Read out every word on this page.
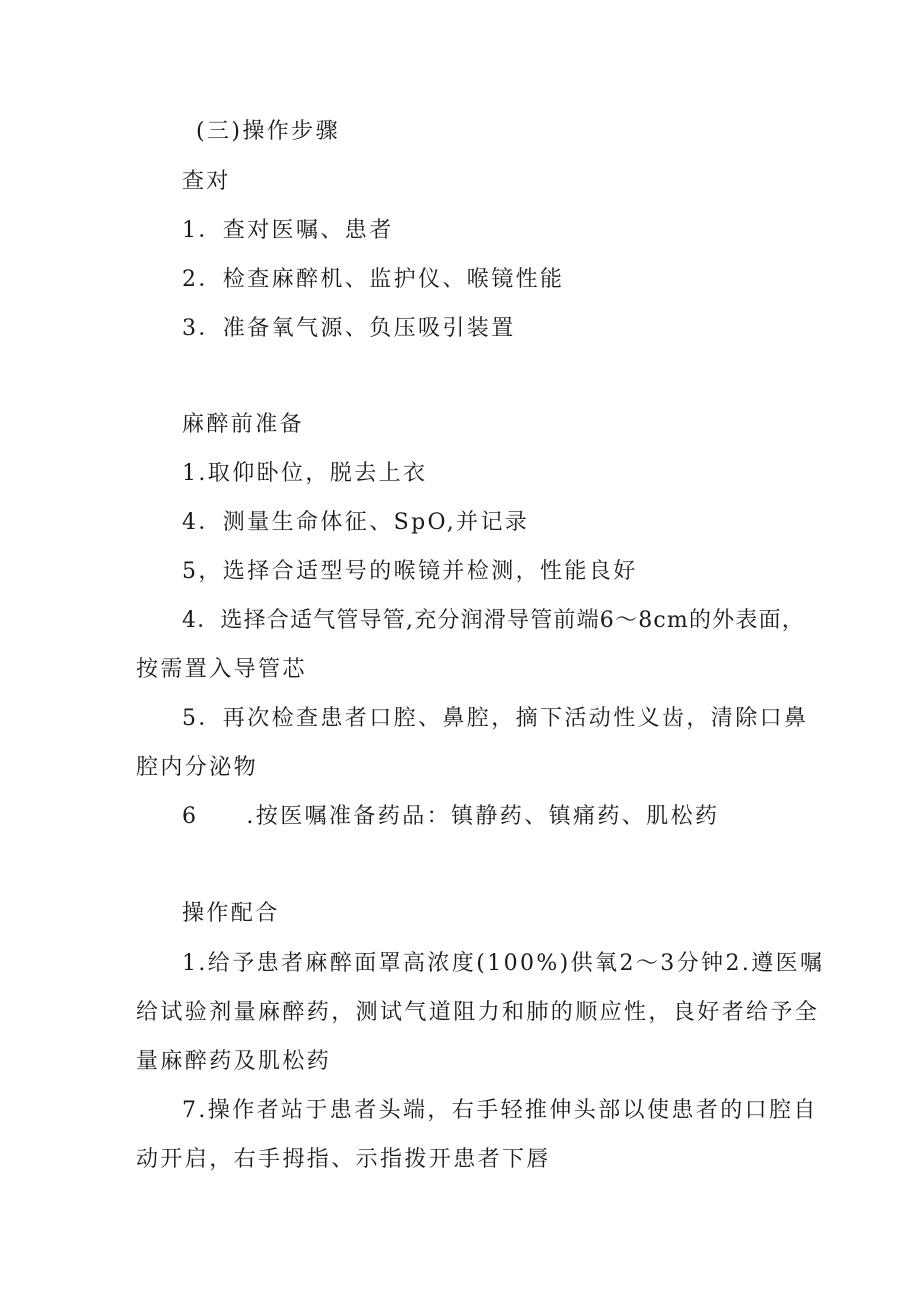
(三)操作步骤

查对

1．查对医嘱、患者

2．检查麻醉机、监护仪、喉镜性能

3．准备氧气源、负压吸引装置

麻醉前准备

1.取仰卧位，脱去上衣

4．测量生命体征、SpO,并记录

5，选择合适型号的喉镜并检测，性能良好

4．选择合适气管导管,充分润滑导管前端6～8cm的外表面，

按需置入导管芯

5．再次检查患者口腔、鼻腔，摘下活动性义齿，清除口鼻

腔内分泌物

6 .按医嘱准备药品：镇静药、镇痛药、肌松药

操作配合

1.给予患者麻醉面罩高浓度(100%)供氧2～3分钟2.遵医嘱

给试验剂量麻醉药，测试气道阻力和肺的顺应性，良好者给予全

量麻醉药及肌松药

7.操作者站于患者头端，右手轻推伸头部以使患者的口腔自

动开启，右手拇指、示指拨开患者下唇
